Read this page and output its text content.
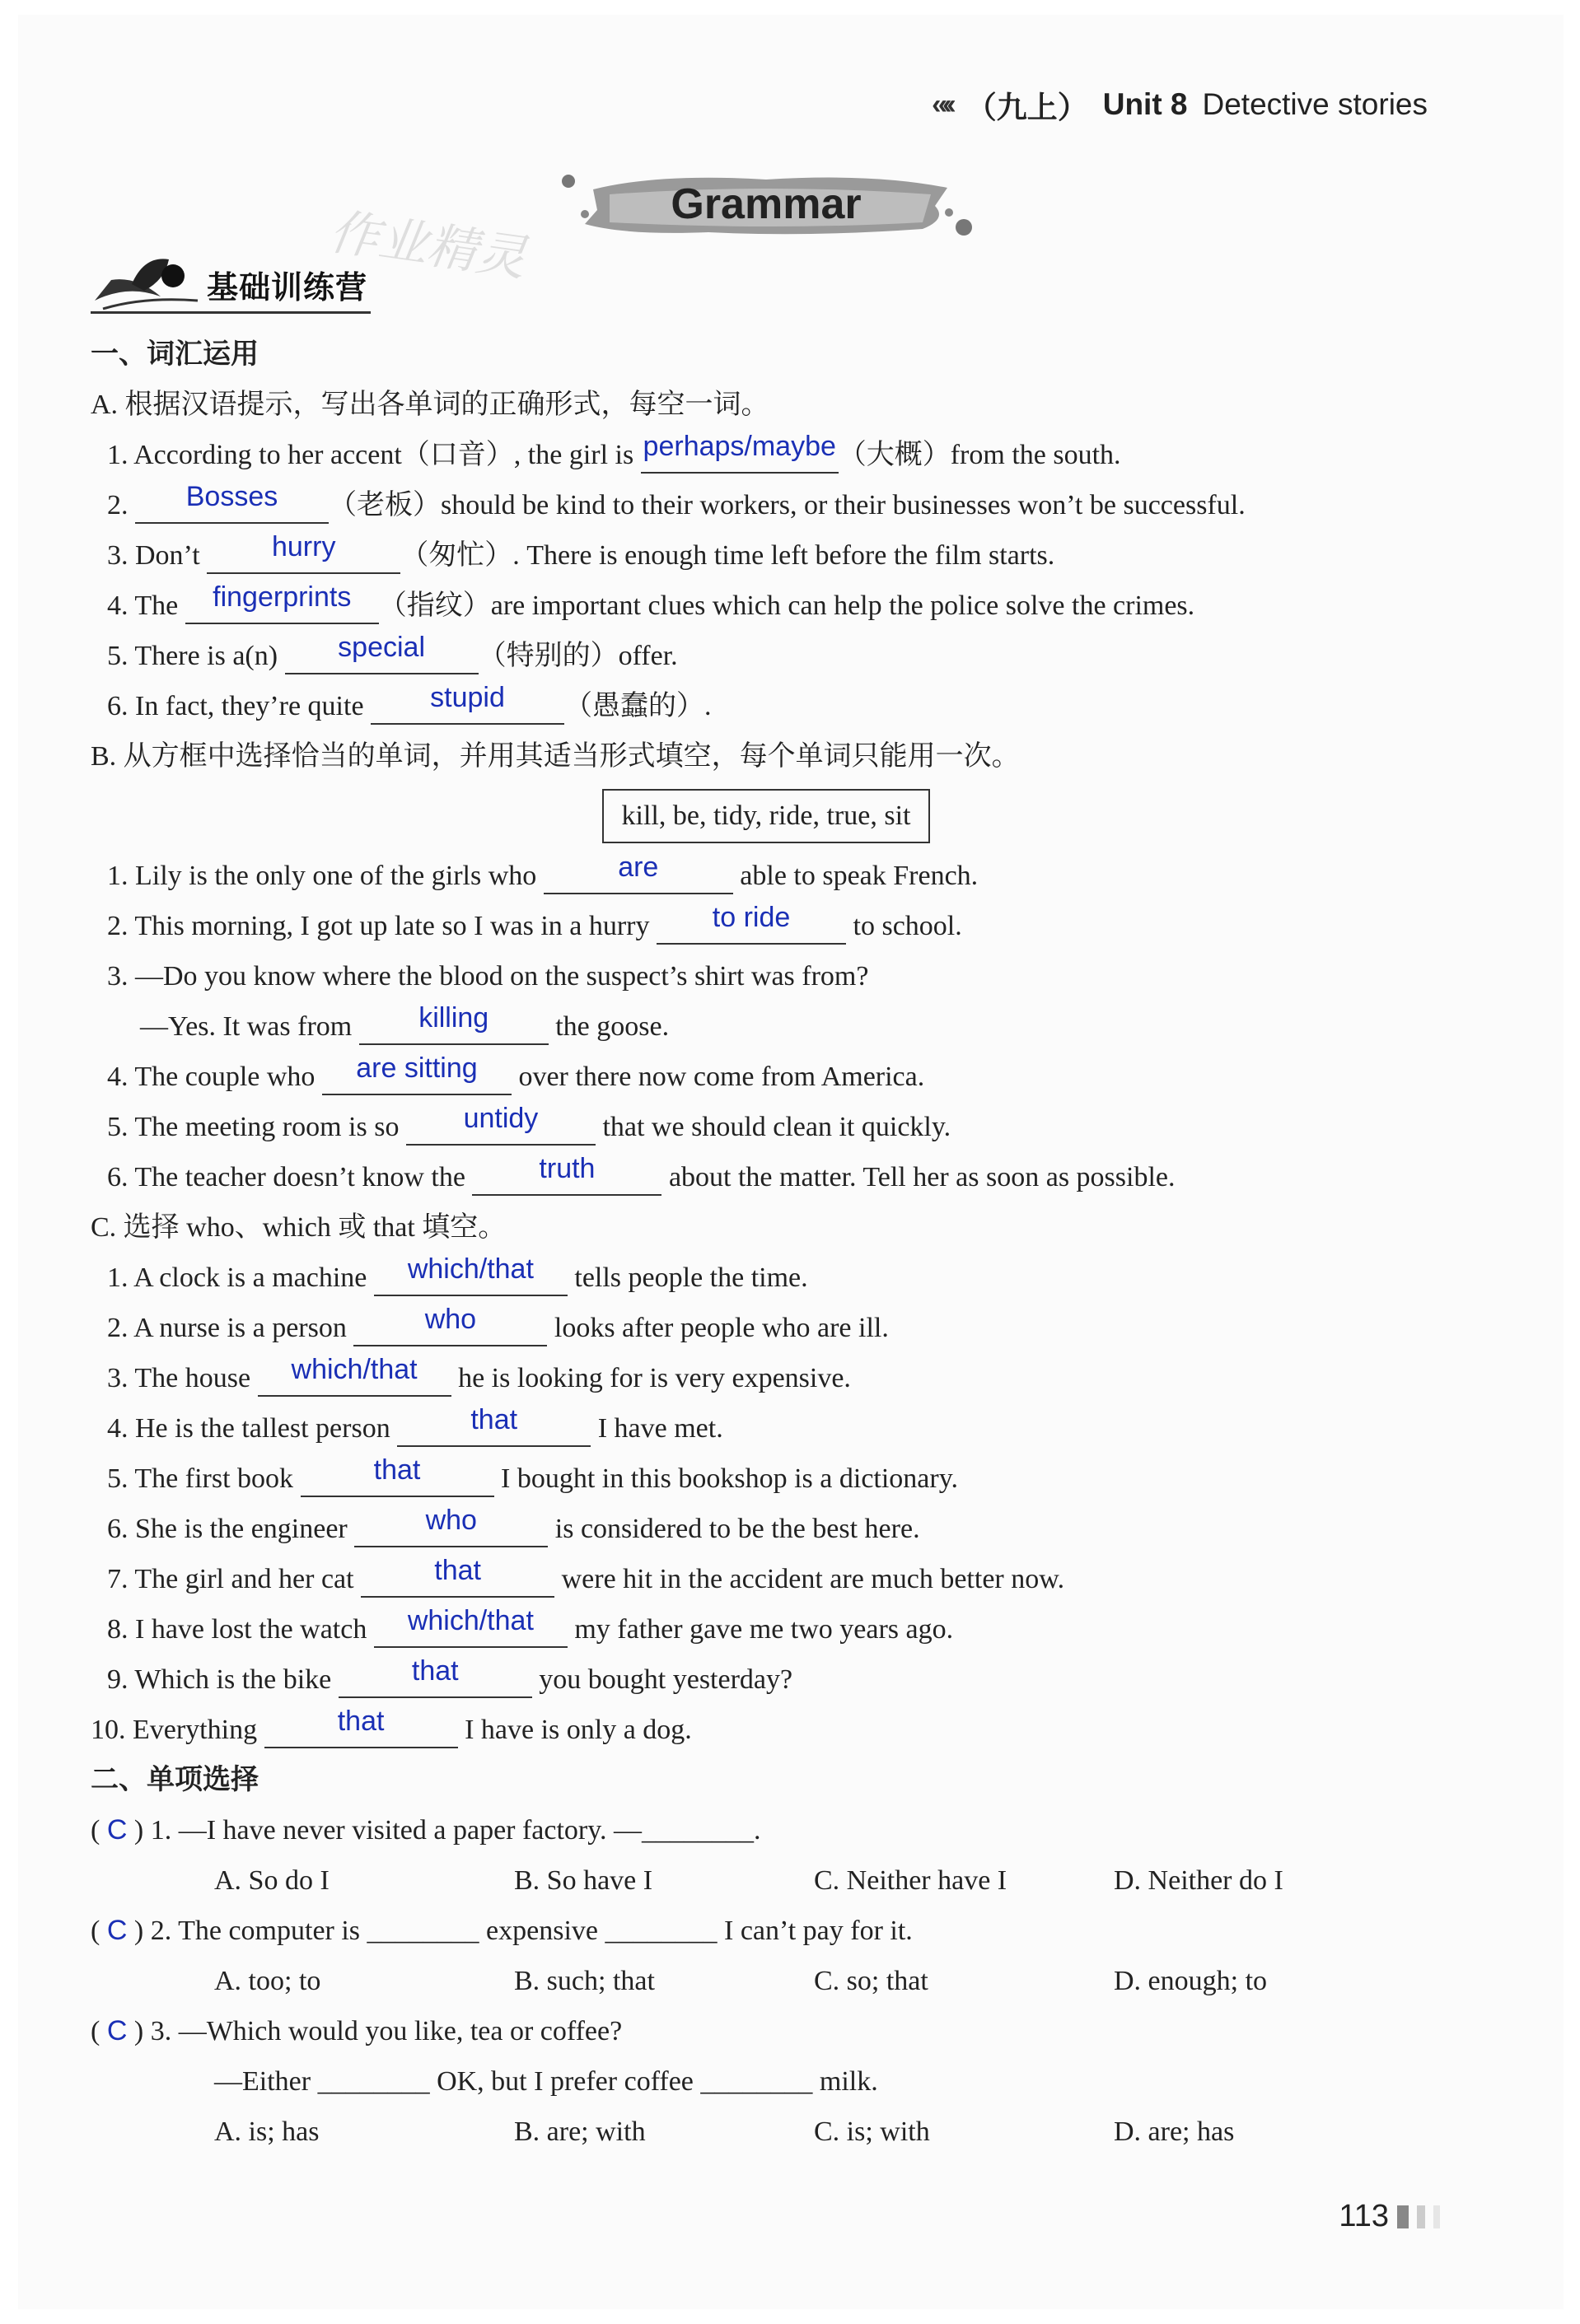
«‹‹ （九上） Unit 8 Detective stories
Grammar
作业精灵
基础训练营
一、词汇运用
A. 根据汉语提示，写出各单词的正确形式，每空一词。
1. According to her accent（口音）, the girl is perhaps/maybe（大概）from the south.
2. Bosses （老板）should be kind to their workers, or their businesses won’t be successful.
3. Don’t	hurry （匆忙）. There is enough time left before the film starts.
4. The fingerprints （指纹）are important clues which can help the police solve the crimes.
5. There is a(n) special （特别的）offer.
6. In fact, they’re quite stupid （愚蠢的）.
B. 从方框中选择恰当的单词，并用其适当形式填空，每个单词只能用一次。
kill, be, tidy, ride, true, sit
1. Lily is the only one of the girls who	are	able to speak French.
2. This morning, I got up late so I was in a hurry to ride to school.
3. —Do you know where the blood on the suspect’s shirt was from?
—Yes. It was from killing the goose.
4. The couple who are sitting over there now come from America.
5. The meeting room is so untidy that we should clean it quickly.
6. The teacher doesn’t know the	truth	about the matter. Tell her as soon as possible.
C. 选择 who、which 或 that 填空。
1. A clock is a machine which/that tells people the time.
2. A nurse is a person	who	looks after people who are ill.
3. The house which/that he is looking for is very expensive.
4. He is the tallest person	that	I have met.
5. The first book	that	I bought in this bookshop is a dictionary.
6. She is the engineer	who	is considered to be the best here.
7. The girl and her cat	that	were hit in the accident are much better now.
8. I have lost the watch which/that my father gave me two years ago.
9. Which is the bike	that	you bought yesterday?
10. Everything	that	I have is only a dog.
二、单项选择
( C ) 1. —I have never visited a paper factory. —________.
A. So do I	B. So have I	C. Neither have I	D. Neither do I
( C ) 2. The computer is ________ expensive ________ I can’t pay for it.
A. too; to	B. such; that	C. so; that	D. enough; to
( C ) 3. —Which would you like, tea or coffee?
—Either ________ OK, but I prefer coffee ________ milk.
A. is; has	B. are; with	C. is; with	D. are; has
113
